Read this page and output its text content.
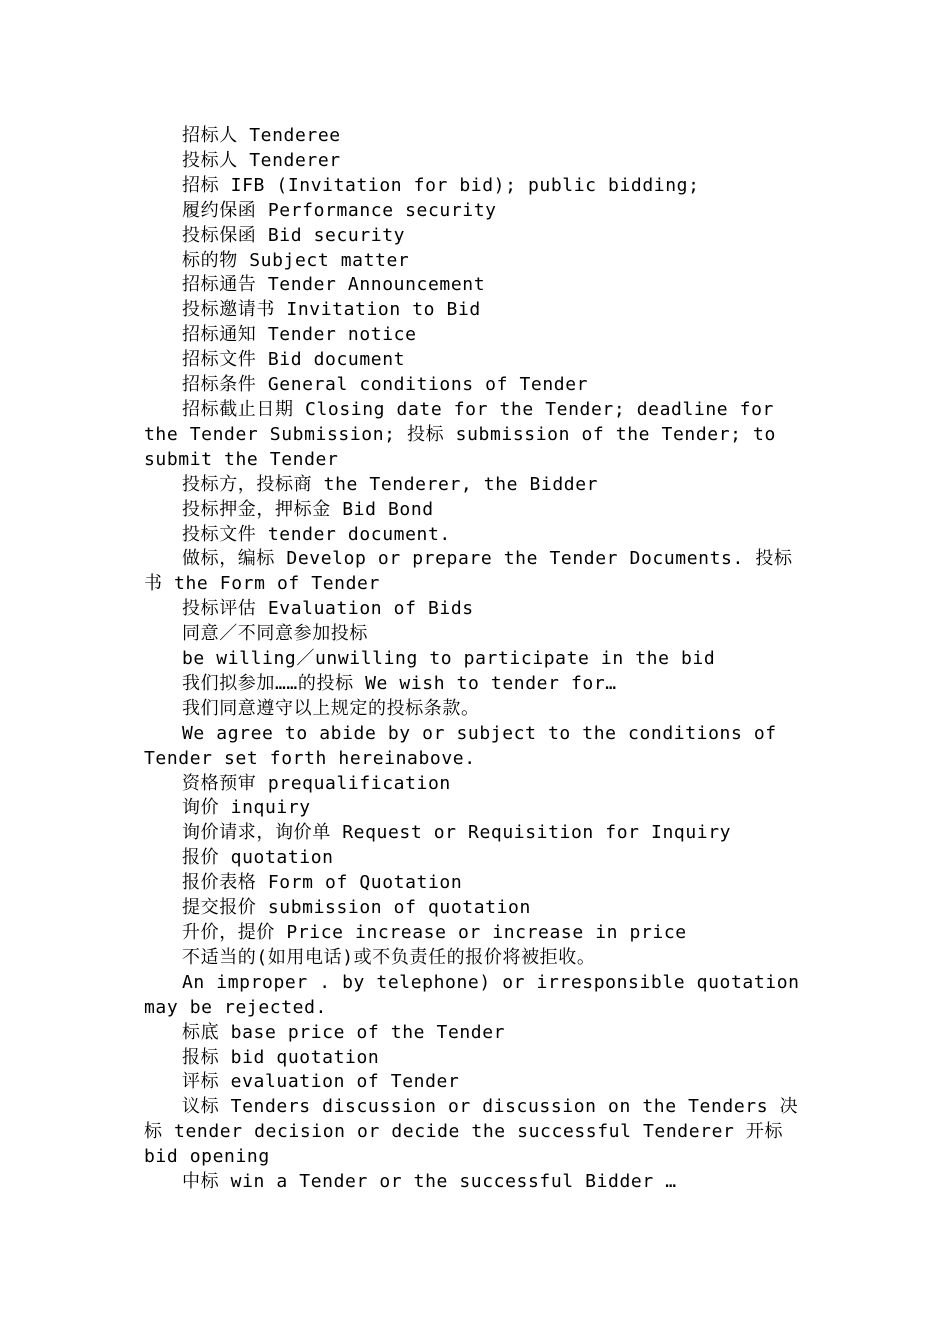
招标人 Tenderee

投标人 Tenderer

招标 IFB (Invitation for bid); public bidding;

履约保函 Performance security

投标保函 Bid security

标的物 Subject matter

招标通告 Tender Announcement

投标邀请书 Invitation to Bid

招标通知 Tender notice

招标文件 Bid document

招标条件 General conditions of Tender

招标截止日期 Closing date for the Tender; deadline for the Tender Submission; 投标 submission of the Tender; to submit the Tender

投标方，投标商 the Tenderer, the Bidder

投标押金，押标金 Bid Bond

投标文件 tender document.

做标，编标 Develop or prepare the Tender Documents. 投标书 the Form of Tender

投标评估 Evaluation of Bids

同意／不同意参加投标

be willing／unwilling to participate in the bid

我们拟参加……的投标 We wish to tender for…

我们同意遵守以上规定的投标条款。

We agree to abide by or subject to the conditions of Tender set forth hereinabove.

资格预审 prequalification

询价 inquiry

询价请求，询价单 Request or Requisition for Inquiry

报价 quotation

报价表格 Form of Quotation

提交报价 submission of quotation

升价，提价 Price increase or increase in price

不适当的(如用电话)或不负责任的报价将被拒收。

An improper . by telephone) or irresponsible quotation may be rejected.

标底 base price of the Tender

报标 bid quotation

评标 evaluation of Tender

议标 Tenders discussion or discussion on the Tenders 决标 tender decision or decide the successful Tenderer 开标 bid opening

中标 win a Tender or the successful Bidder …
